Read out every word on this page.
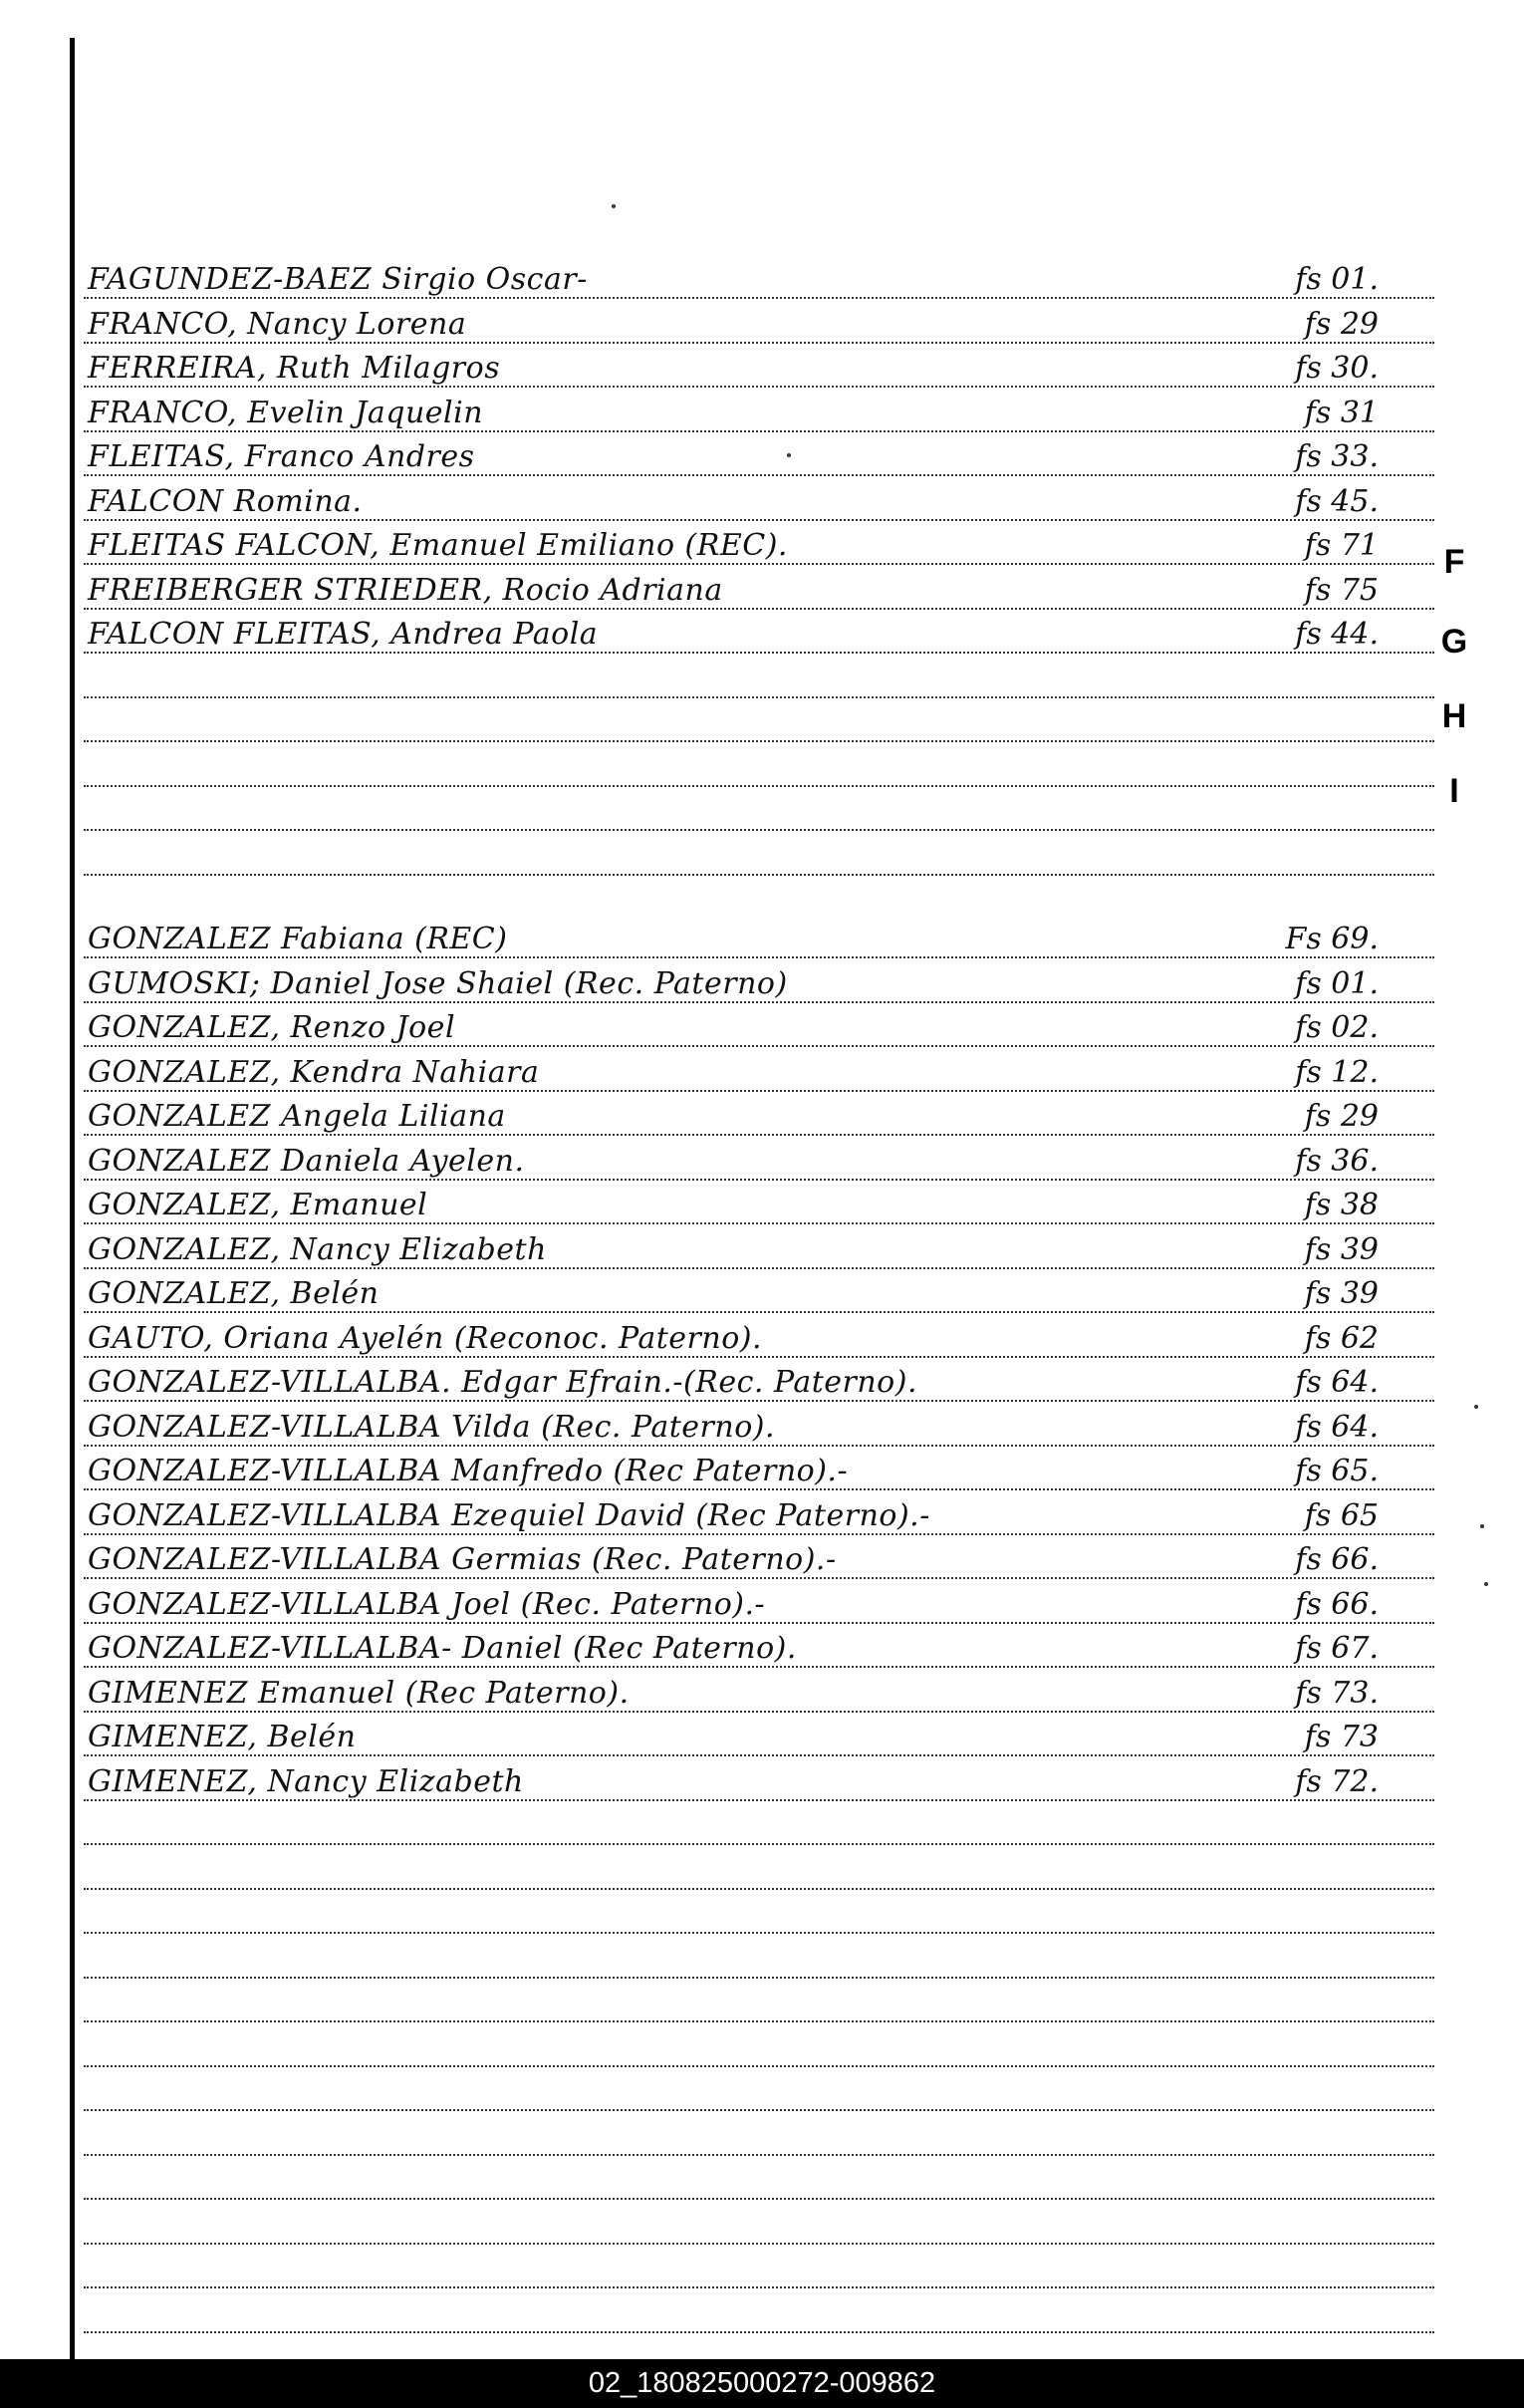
FAGUNDEZ-BAEZ Sirgio Oscar-	fs 01.
FRANCO, Nancy Lorena	fs 29
FERREIRA, Ruth Milagros	fs 30.
FRANCO, Evelin Jaquelin	fs 31
FLEITAS, Franco Andres	fs 33.
FALCON Romina.	fs 45.
FLEITAS FALCON, Emanuel Emiliano (REC).	fs 71
FREIBERGER STRIEDER, Rocio Adriana	fs 75
FALCON FLEITAS, Andrea Paola	fs 44.
GONZALEZ Fabiana (REC)	Fs 69.
GUMOSKI; Daniel Jose Shaiel (Rec. Paterno)	fs 01.
GONZALEZ, Renzo Joel	fs 02.
GONZALEZ, Kendra Nahiara	fs 12.
GONZALEZ Angela Liliana	fs 29
GONZALEZ Daniela Ayelen.	fs 36.
GONZALEZ, Emanuel	fs 38
GONZALEZ, Nancy Elizabeth	fs 39
GONZALEZ, Belén	fs 39
GAUTO, Oriana Ayelén (Reconoc. Paterno).	fs 62
GONZALEZ-VILLALBA. Edgar Efrain.-(Rec. Paterno).	fs 64.
GONZALEZ-VILLALBA Vilda (Rec. Paterno).	fs 64.
GONZALEZ-VILLALBA Manfredo (Rec Paterno).-	fs 65.
GONZALEZ-VILLALBA Ezequiel David (Rec Paterno).-	fs 65
GONZALEZ-VILLALBA Germias (Rec. Paterno).-	fs 66.
GONZALEZ-VILLALBA Joel (Rec. Paterno).-	fs 66.
GONZALEZ-VILLALBA- Daniel (Rec Paterno).	fs 67.
GIMENEZ Emanuel (Rec Paterno).	fs 73.
GIMENEZ, Belén	fs 73
GIMENEZ, Nancy Elizabeth	fs 72.
F
G
H
I
02_180825000272-009862
